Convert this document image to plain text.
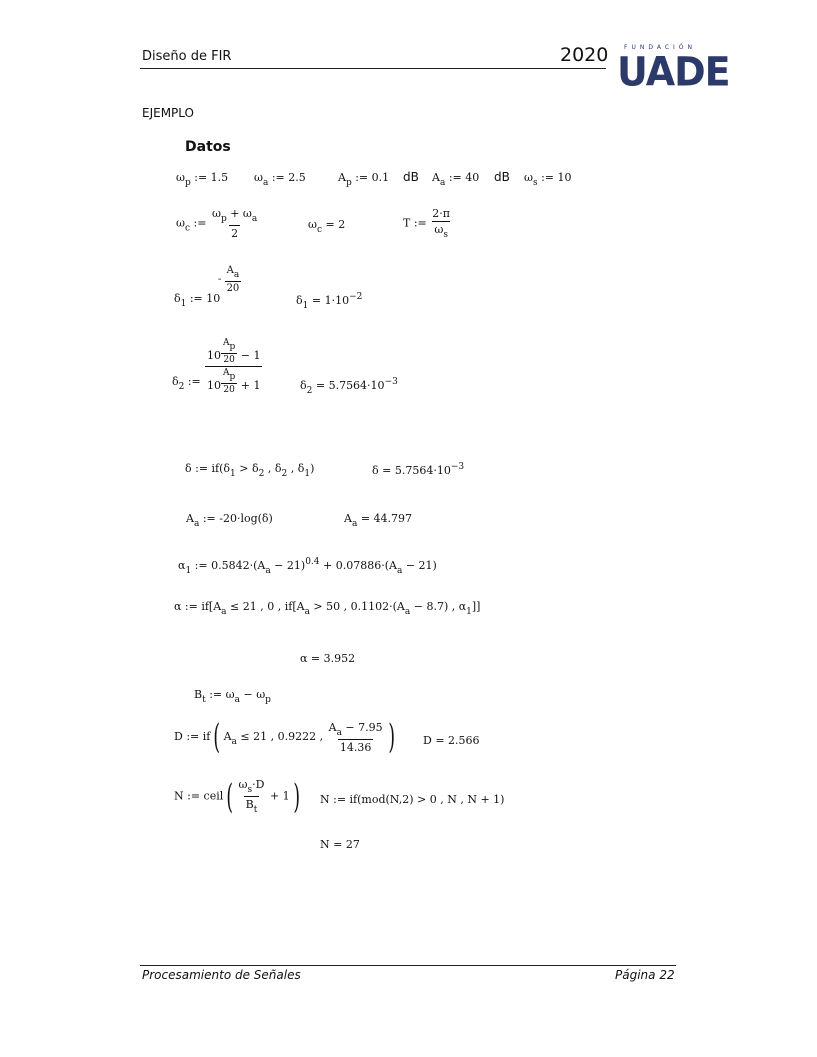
Diseño de FIR	2020	FUNDACIÓN
UADE
EJEMPLO
Datos
$\omega_p$ := 1.5 $\omega_a$ := 2.5	$A_p$ := 0.1 dB $A_a$ := 40 dB $\omega_s$ := 10
$\omega_c$ := $\frac{\omega_p + \omega_a}{2}$	$\omega_c = 2$	T := $\frac{2\cdot\pi}{\omega_s}$
- $\frac{A_a}{20}$
$\delta_1$ := 10	$\delta_1 = 1\cdot 10^{-2}$
$\delta_2$ := 10 $^{\frac{A_p}{20}}$ − 1
10 $^{\frac{A_p}{20}}$ + 1	$\delta_2 = 5.7564\cdot 10^{-3}$
δ := $if(\delta_1 > \delta_2$ , $\delta_2$ , $\delta_1$)	$\delta = 5.7564\cdot 10^{-3}$
$A_a$ := -20·log(δ)	$A_a = 44.797$
$\alpha_1$ := $0.5842\cdot(A_a - 21)^{0.4} + 0.07886\cdot(A_a - 21)$
α := $if[A_a \le 21$ , 0 , $if[A_a > 50$ , $0.1102\cdot(A_a - 8.7)$ , $\alpha_1$]]
α = 3.952
$B_t$ := $\omega_a - \omega_p$
D := if( $A_a \le 21$ , 0.9222 , $\frac{A_a - 7.95}{14.36}$ )	D = 2.566
N := ceil( $\frac{\omega_s\cdot D}{B_t} + 1$)	N := if(mod(N,2) > 0 , N , N + 1)
N = 27
Procesamiento de Señales	Página 22
